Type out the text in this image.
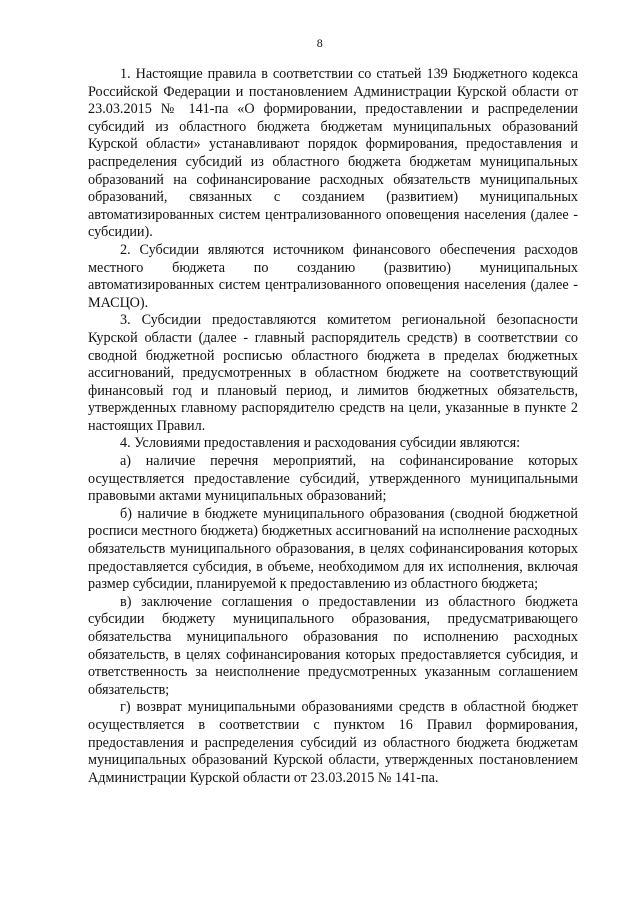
8

1. Настоящие правила в соответствии со статьей 139 Бюджетного кодекса Российской Федерации и постановлением Администрации Курской области от 23.03.2015 № 141-па «О формировании, предоставлении и распределении субсидий из областного бюджета бюджетам муниципальных образований Курской области» устанавливают порядок формирования, предоставления и распределения субсидий из областного бюджета бюджетам муниципальных образований на софинансирование расходных обязательств муниципальных образований, связанных с созданием (развитием) муниципальных автоматизированных систем централизованного оповещения населения (далее - субсидии).

2. Субсидии являются источником финансового обеспечения расходов местного бюджета по созданию (развитию) муниципальных автоматизированных систем централизованного оповещения населения (далее - МАСЦО).

3. Субсидии предоставляются комитетом региональной безопасности Курской области (далее - главный распорядитель средств) в соответствии со сводной бюджетной росписью областного бюджета в пределах бюджетных ассигнований, предусмотренных в областном бюджете на соответствующий финансовый год и плановый период, и лимитов бюджетных обязательств, утвержденных главному распорядителю средств на цели, указанные в пункте 2 настоящих Правил.

4. Условиями предоставления и расходования субсидии являются:

а) наличие перечня мероприятий, на софинансирование которых осуществляется предоставление субсидий, утвержденного муниципальными правовыми актами муниципальных образований;

б) наличие в бюджете муниципального образования (сводной бюджетной росписи местного бюджета) бюджетных ассигнований на исполнение расходных обязательств муниципального образования, в целях софинансирования которых предоставляется субсидия, в объеме, необходимом для их исполнения, включая размер субсидии, планируемой к предоставлению из областного бюджета;

в) заключение соглашения о предоставлении из областного бюджета субсидии бюджету муниципального образования, предусматривающего обязательства муниципального образования по исполнению расходных обязательств, в целях софинансирования которых предоставляется субсидия, и ответственность за неисполнение предусмотренных указанным соглашением обязательств;

г) возврат муниципальными образованиями средств в областной бюджет осуществляется в соответствии с пунктом 16 Правил формирования, предоставления и распределения субсидий из областного бюджета бюджетам муниципальных образований Курской области, утвержденных постановлением Администрации Курской области от 23.03.2015 № 141-па.
